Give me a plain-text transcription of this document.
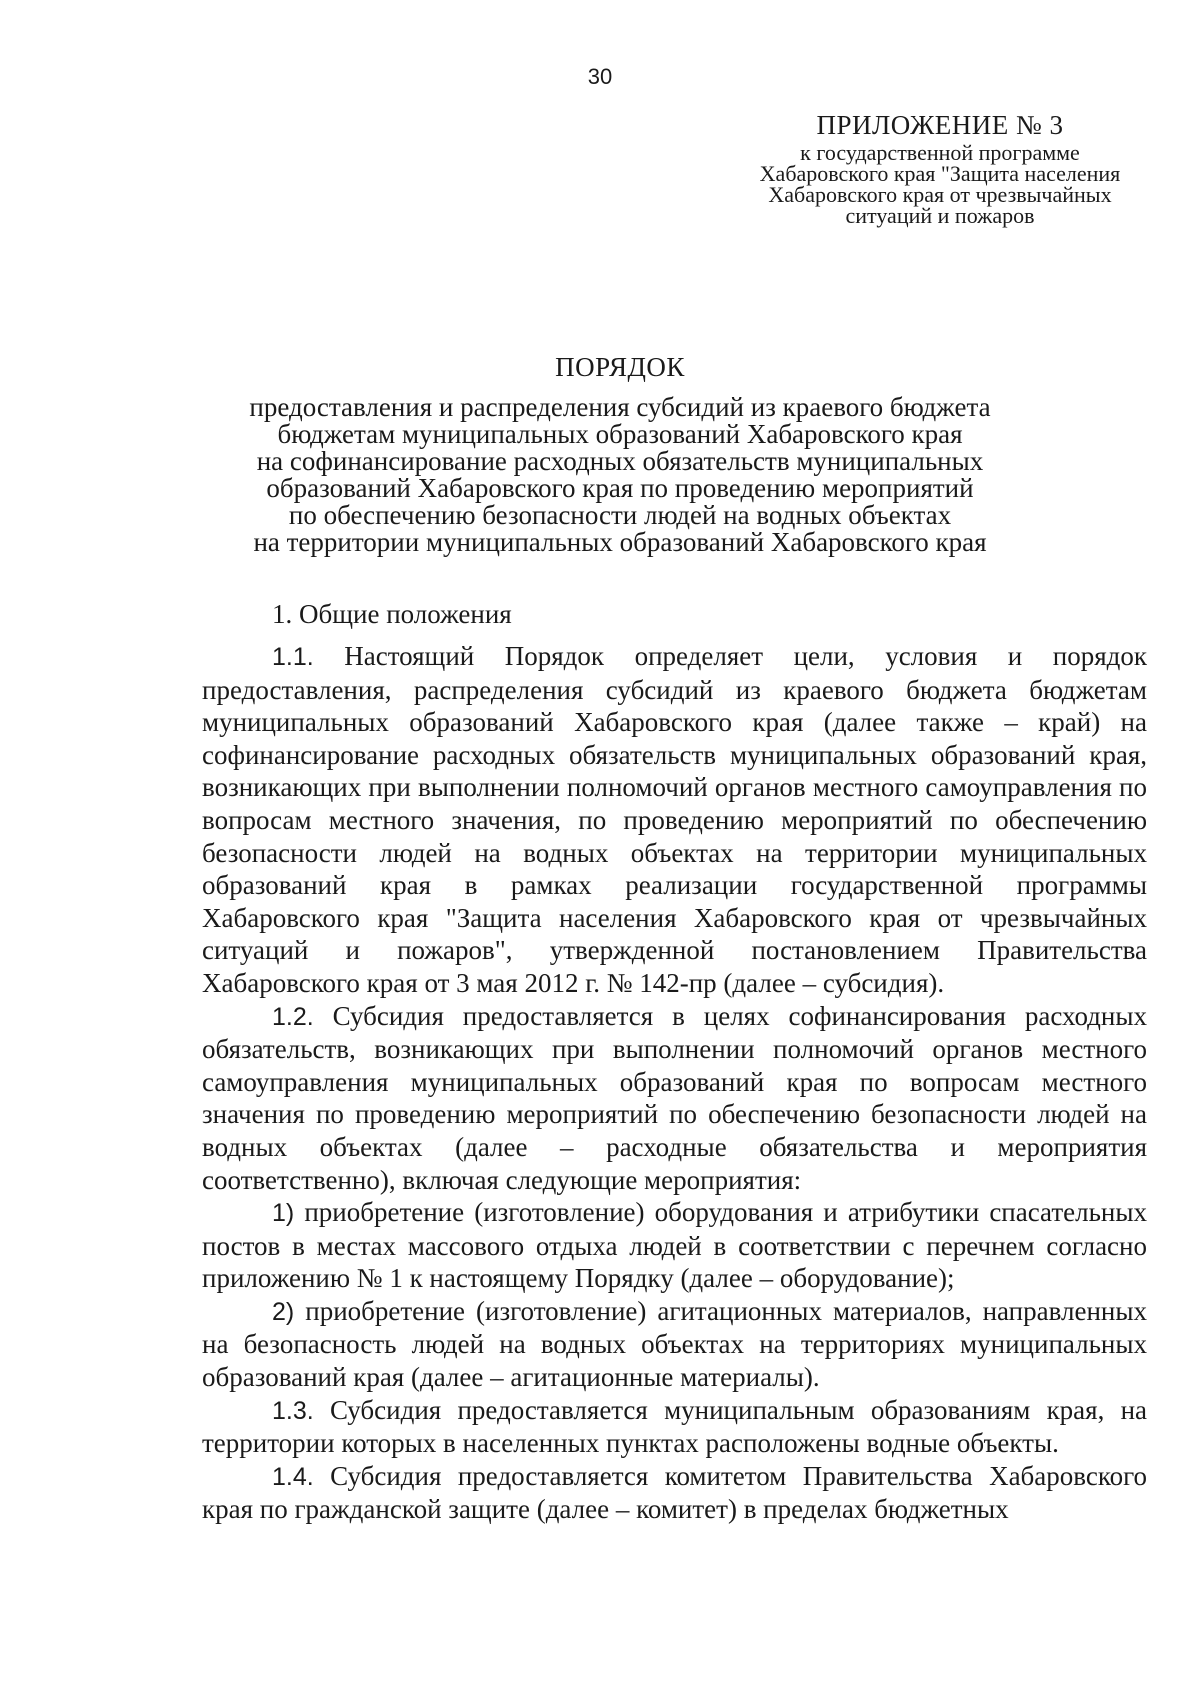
30
ПРИЛОЖЕНИЕ № 3
к государственной программе
Хабаровского края "Защита населения
Хабаровского края от чрезвычайных
ситуаций и пожаров
ПОРЯДОК
предоставления и распределения субсидий из краевого бюджета
бюджетам муниципальных образований Хабаровского края
на софинансирование расходных обязательств муниципальных
образований Хабаровского края по проведению мероприятий
по обеспечению безопасности людей на водных объектах
на территории муниципальных образований Хабаровского края
1. Общие положения

1.1. Настоящий Порядок определяет цели, условия и порядок предоставления, распределения субсидий из краевого бюджета бюджетам муниципальных образований Хабаровского края (далее также – край) на софинансирование расходных обязательств муниципальных образований края, возникающих при выполнении полномочий органов местного самоуправления по вопросам местного значения, по проведению мероприятий по обеспечению безопасности людей на водных объектах на территории муниципальных образований края в рамках реализации государственной программы Хабаровского края "Защита населения Хабаровского края от чрезвычайных ситуаций и пожаров", утвержденной постановлением Правительства Хабаровского края от 3 мая 2012 г. № 142-пр (далее – субсидия).

1.2. Субсидия предоставляется в целях софинансирования расходных обязательств, возникающих при выполнении полномочий органов местного самоуправления муниципальных образований края по вопросам местного значения по проведению мероприятий по обеспечению безопасности людей на водных объектах (далее – расходные обязательства и мероприятия соответственно), включая следующие мероприятия:

1) приобретение (изготовление) оборудования и атрибутики спасательных постов в местах массового отдыха людей в соответствии с перечнем согласно приложению № 1 к настоящему Порядку (далее – оборудование);

2) приобретение (изготовление) агитационных материалов, направленных на безопасность людей на водных объектах на территориях муниципальных образований края (далее – агитационные материалы).

1.3. Субсидия предоставляется муниципальным образованиям края, на территории которых в населенных пунктах расположены водные объекты.

1.4. Субсидия предоставляется комитетом Правительства Хабаровского края по гражданской защите (далее – комитет) в пределах бюджетных
